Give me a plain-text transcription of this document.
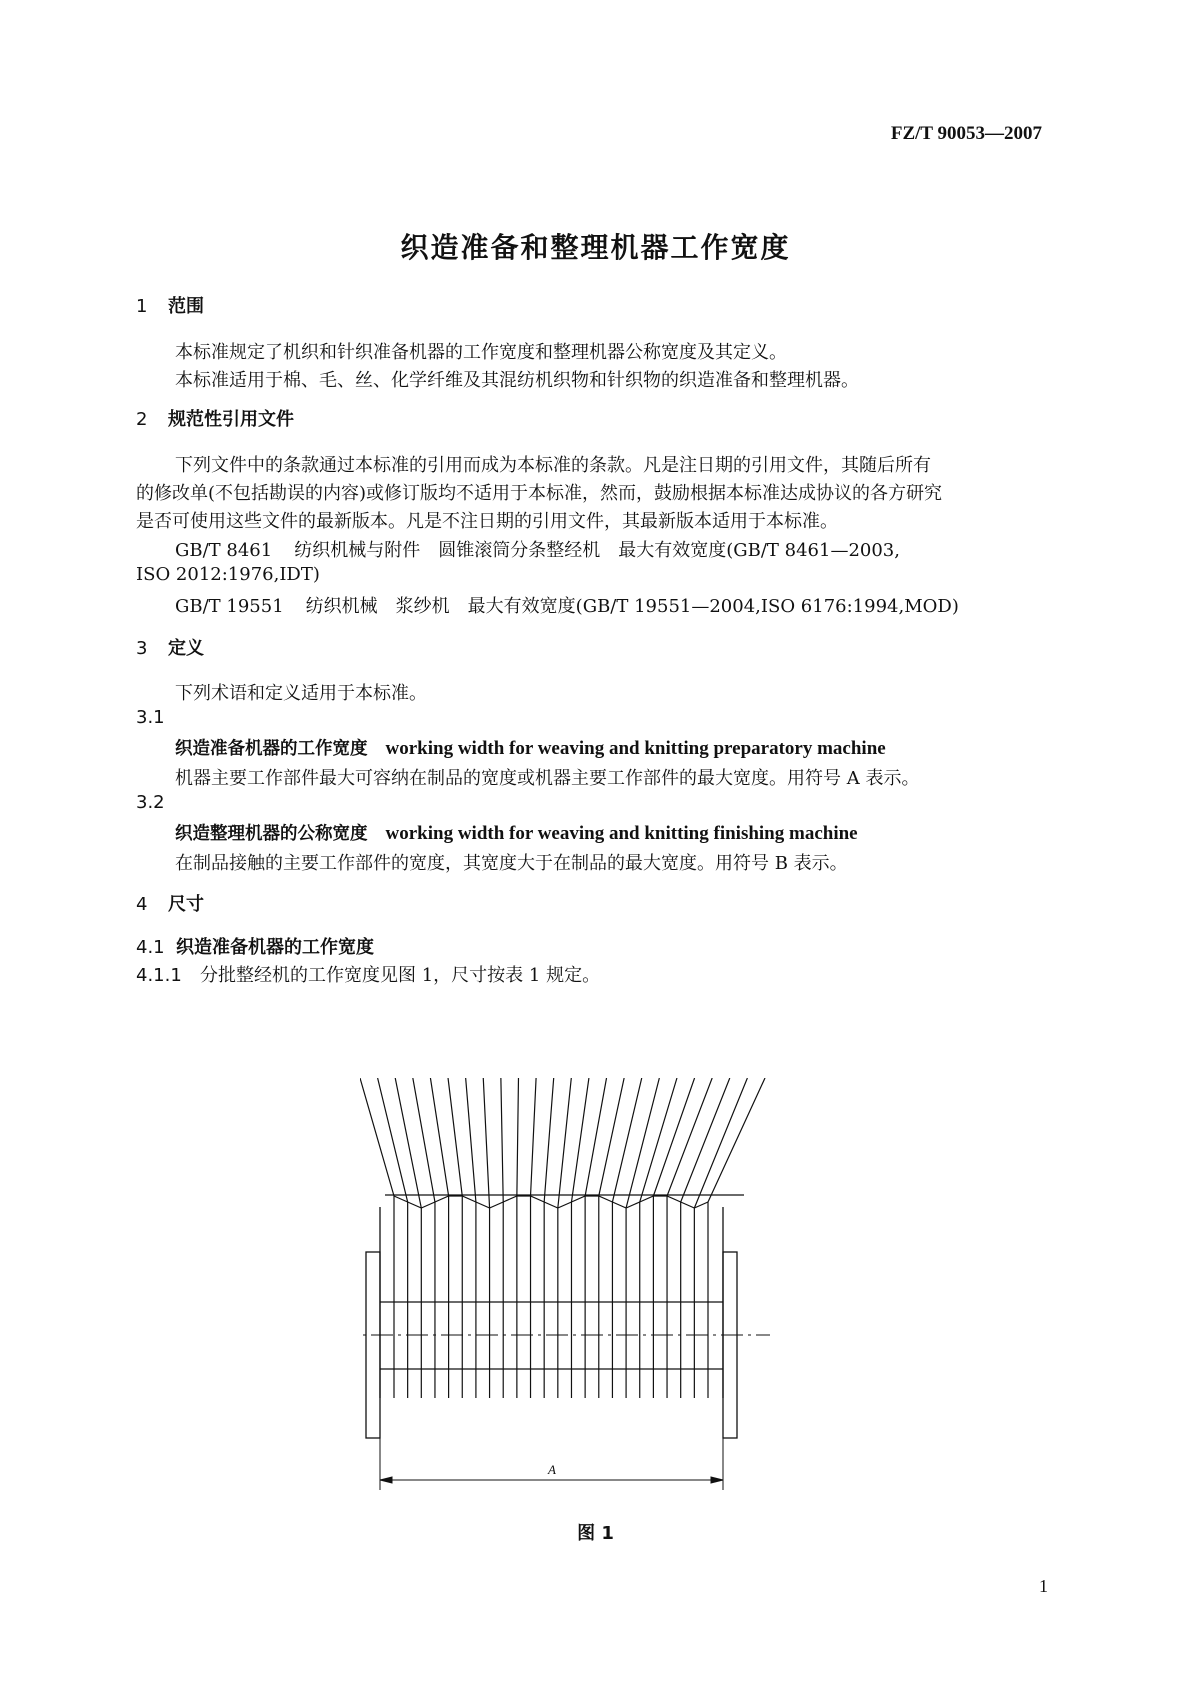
FZ/T 90053—2007
织造准备和整理机器工作宽度
1 范围
本标准规定了机织和针织准备机器的工作宽度和整理机器公称宽度及其定义。
本标准适用于棉、毛、丝、化学纤维及其混纺机织物和针织物的织造准备和整理机器。
2 规范性引用文件
下列文件中的条款通过本标准的引用而成为本标准的条款。凡是注日期的引用文件，其随后所有
的修改单(不包括勘误的内容)或修订版均不适用于本标准，然而，鼓励根据本标准达成协议的各方研究
是否可使用这些文件的最新版本。凡是不注日期的引用文件，其最新版本适用于本标准。
GB/T 8461 纺织机械与附件　圆锥滚筒分条整经机　最大有效宽度(GB/T 8461—2003,
ISO 2012:1976,IDT)
GB/T 19551 纺织机械　浆纱机　最大有效宽度(GB/T 19551—2004,ISO 6176:1994,MOD)
3 定义
下列术语和定义适用于本标准。
3.1
织造准备机器的工作宽度 working width for weaving and knitting preparatory machine
机器主要工作部件最大可容纳在制品的宽度或机器主要工作部件的最大宽度。用符号 A 表示。
3.2
织造整理机器的公称宽度 working width for weaving and knitting finishing machine
在制品接触的主要工作部件的宽度，其宽度大于在制品的最大宽度。用符号 B 表示。
4 尺寸
4.1 织造准备机器的工作宽度
4.1.1 分批整经机的工作宽度见图 1，尺寸按表 1 规定。
A
图 1
1
